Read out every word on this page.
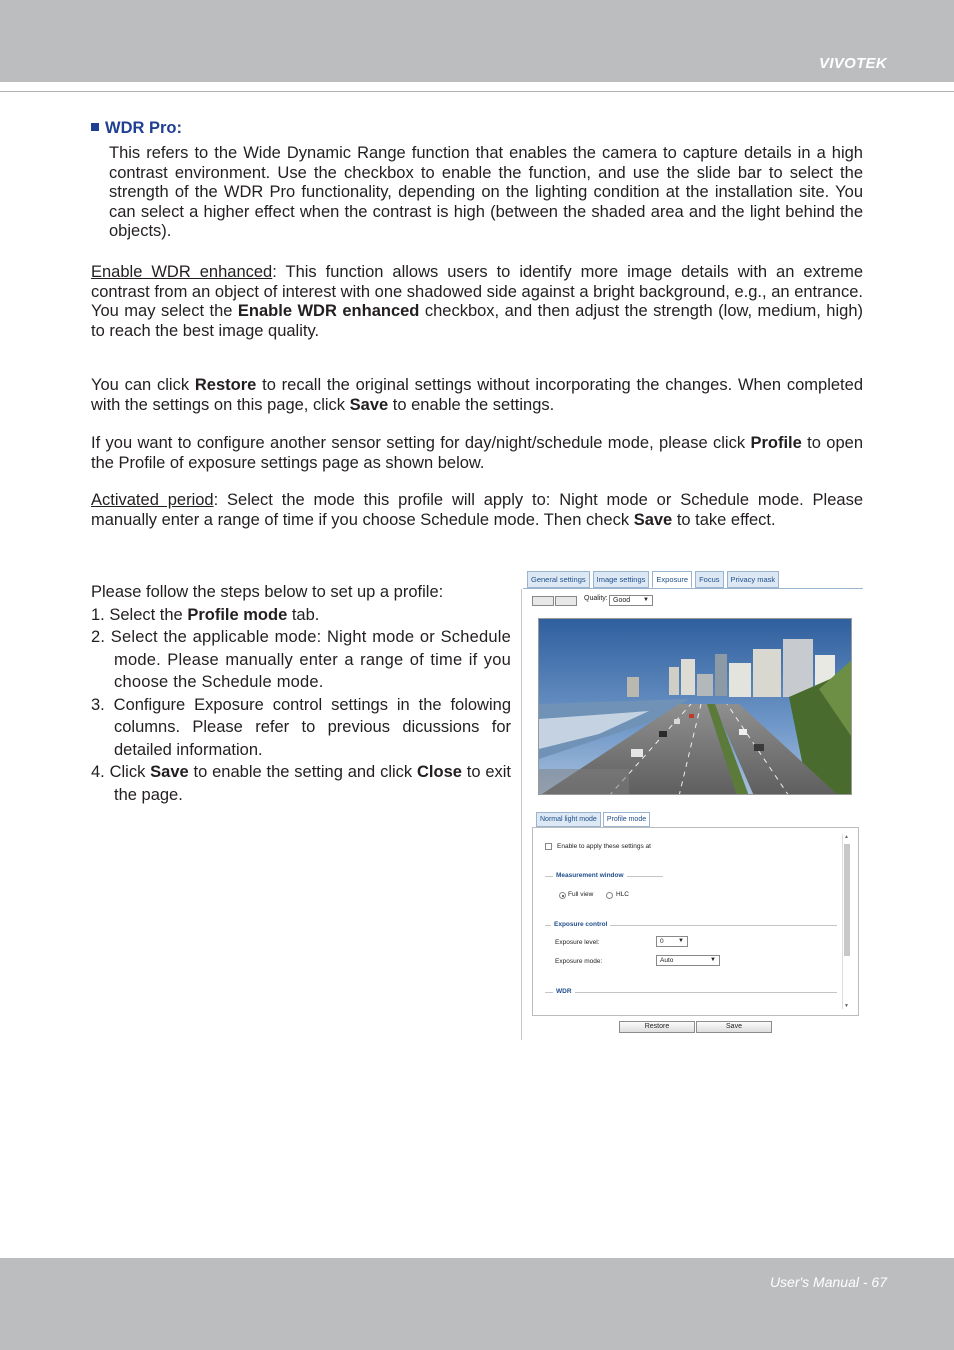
VIVOTEK
WDR Pro:
This refers to the Wide Dynamic Range function that enables the camera to capture details in a high contrast environment. Use the checkbox to enable the function, and use the slide bar to select the strength of the WDR Pro functionality, depending on the lighting condition at the installation site. You can select a higher effect when the contrast is high (between the shaded area and the light behind the objects).
Enable WDR enhanced: This function allows users to identify more image details with an extreme contrast from an object of interest with one shadowed side against a bright background, e.g., an entrance. You may select the Enable WDR enhanced checkbox, and then adjust the strength (low, medium, high) to reach the best image quality.
You can click Restore to recall the original settings without incorporating the changes. When completed with the settings on this page, click Save to enable the settings.
If you want to configure another sensor setting for day/night/schedule mode, please click Profile to open the Profile of exposure settings page as shown below.
Activated period: Select the mode this profile will apply to: Night mode or Schedule mode. Please manually enter a range of time if you choose Schedule mode. Then check Save to take effect.
Please follow the steps below to set up a profile:
1. Select the Profile mode tab.
2. Select the applicable mode: Night mode or Schedule mode. Please manually enter a range of time if you choose the Schedule mode.
3. Configure Exposure control settings in the folowing columns. Please refer to previous dicussions for detailed information.
4. Click Save to enable the setting and click Close to exit the page.
General settings	Image settings	Exposure	Focus	Privacy mask
Quality: Good ▼
Normal light mode	Profile mode
▲
▼
Enable to apply these settings at
Measurement window
Full view	HLC
Exposure control
Exposure level:	0 ▼
Exposure mode:	Auto	▼
WDR
Restore	Save
User's Manual - 67
